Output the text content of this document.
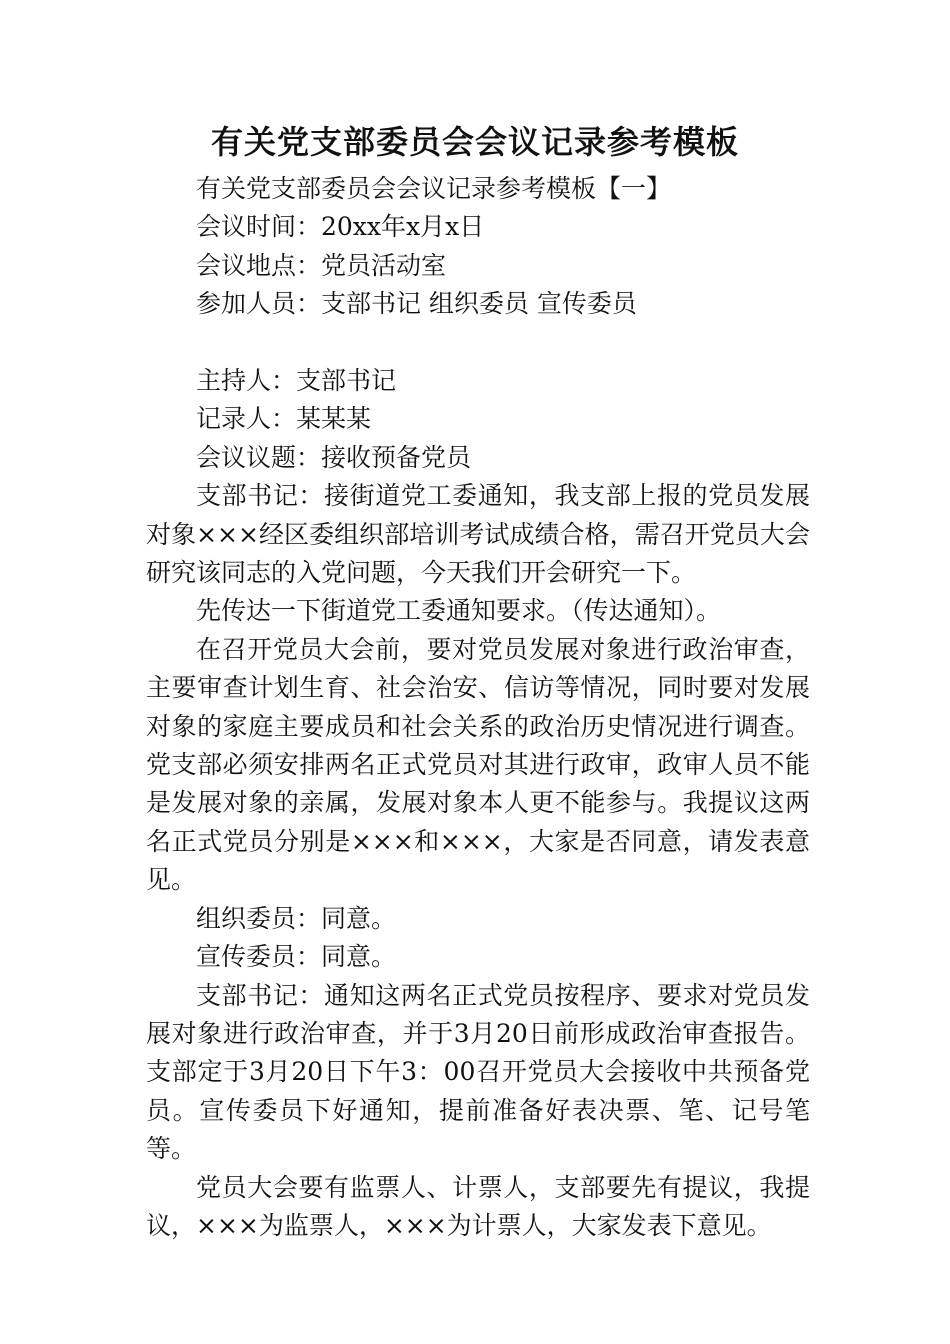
有关党支部委员会会议记录参考模板

有关党支部委员会会议记录参考模板【一】

会议时间：20xx年x月x日

会议地点：党员活动室

参加人员：支部书记 组织委员 宣传委员

主持人：支部书记

记录人：某某某

会议议题：接收预备党员

支部书记：接街道党工委通知，我支部上报的党员发展对象×××经区委组织部培训考试成绩合格，需召开党员大会研究该同志的入党问题，今天我们开会研究一下。

先传达一下街道党工委通知要求。（传达通知）。

在召开党员大会前，要对党员发展对象进行政治审查，主要审查计划生育、社会治安、信访等情况，同时要对发展对象的家庭主要成员和社会关系的政治历史情况进行调查。党支部必须安排两名正式党员对其进行政审，政审人员不能是发展对象的亲属，发展对象本人更不能参与。我提议这两名正式党员分别是×××和×××，大家是否同意，请发表意见。

组织委员：同意。

宣传委员：同意。

支部书记：通知这两名正式党员按程序、要求对党员发展对象进行政治审查，并于3月20日前形成政治审查报告。支部定于3月20日下午3：00召开党员大会接收中共预备党员。宣传委员下好通知，提前准备好表决票、笔、记号笔等。

党员大会要有监票人、计票人，支部要先有提议，我提议，×××为监票人，×××为计票人，大家发表下意见。
